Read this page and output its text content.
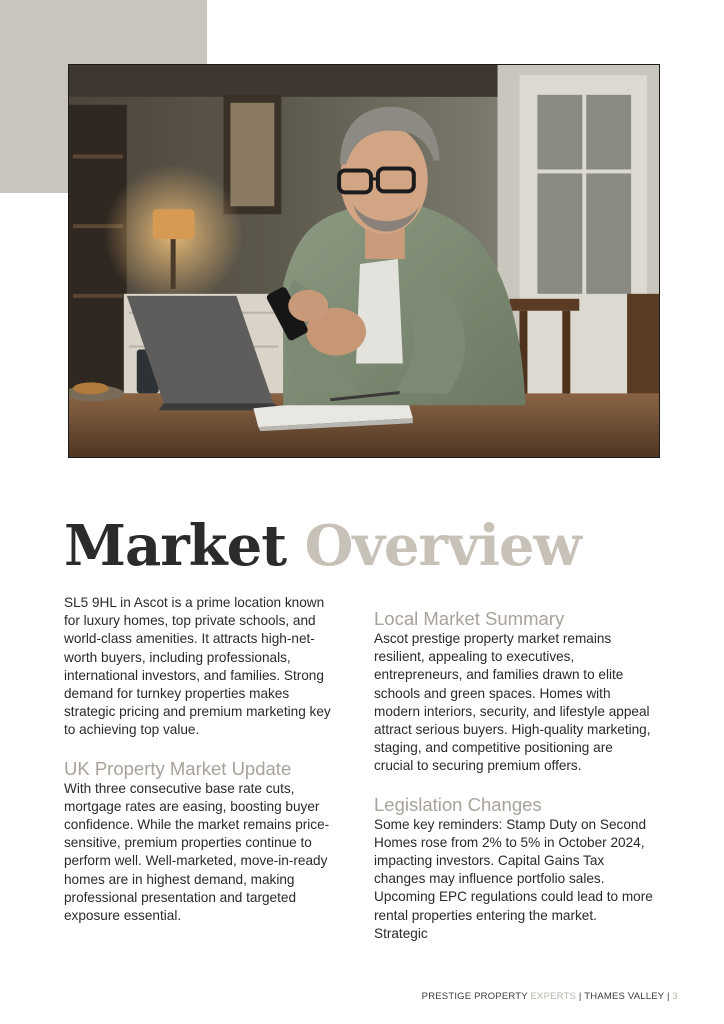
Market Overview

SL5 9HL in Ascot is a prime location known for luxury homes, top private schools, and world-class amenities. It attracts high-net-worth buyers, including professionals, international investors, and families. Strong demand for turnkey properties makes strategic pricing and premium marketing key to achieving top value.

UK Property Market Update

With three consecutive base rate cuts, mortgage rates are easing, boosting buyer confidence. While the market remains price-sensitive, premium properties continue to perform well. Well-marketed, move-in-ready homes are in highest demand, making professional presentation and targeted exposure essential.

Local Market Summary

Ascot prestige property market remains resilient, appealing to executives, entrepreneurs, and families drawn to elite schools and green spaces. Homes with modern interiors, security, and lifestyle appeal attract serious buyers. High-quality marketing, staging, and competitive positioning are crucial to securing premium offers.

Legislation Changes

Some key reminders: Stamp Duty on Second Homes rose from 2% to 5% in October 2024, impacting investors. Capital Gains Tax changes may influence portfolio sales. Upcoming EPC regulations could lead to more rental properties entering the market. Strategic

PRESTIGE PROPERTY EXPERTS | THAMES VALLEY | 3
